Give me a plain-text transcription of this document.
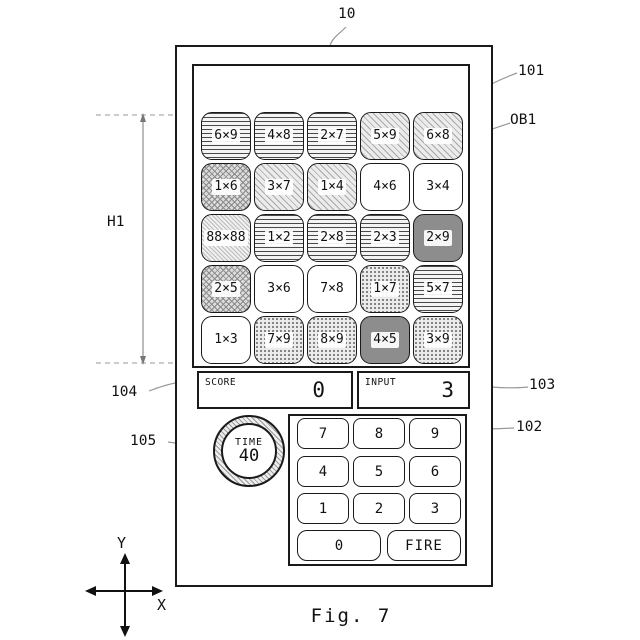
6×9 4×8 2×7 5×9 6×8
1×6 3×7 1×4 4×6 3×4
88×88 1×2 2×8 2×3 2×9
2×5 3×6 7×8 1×7 5×7
1×3 7×9 8×9 4×5 3×9
SCORE	0	INPUT 3
TIME
40
7	8	9
4	5	6
1	2	3
0	FIRE
10
101
OB1
H1
104
105
103
102
Y
X	Fig. 7
